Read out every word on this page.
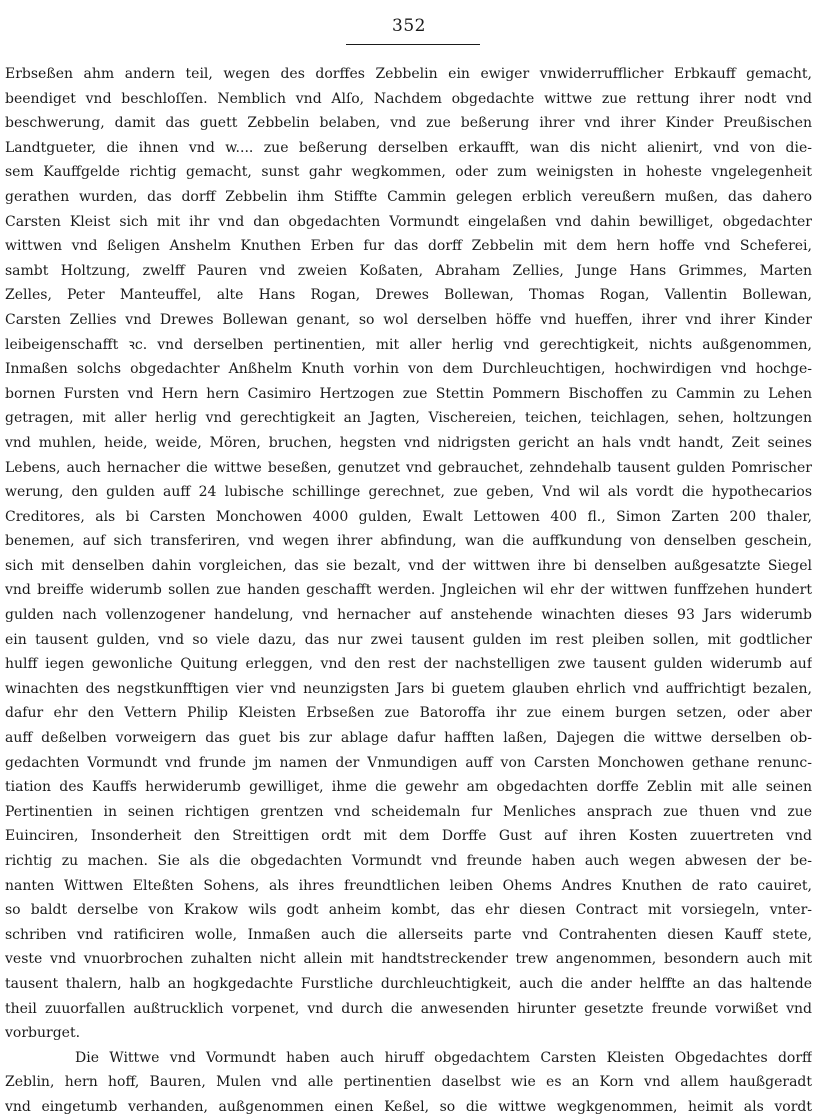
352
Erbseßen ahm andern teil, wegen des dorffes Zebbelin ein ewiger vnwiderrufflicher Erbkauff gemacht,
beendiget vnd beschloſſen. Nemblich vnd Alſo, Nachdem obgedachte wittwe zue rettung ihrer nodt vnd
beschwerung, damit das guett Zebbelin belaben, vnd zue beßerung ihrer vnd ihrer Kinder Preußischen
Landtgueter, die ihnen vnd w.... zue beßerung derselben erkaufft, wan dis nicht alienirt, vnd von die-
sem Kauffgelde richtig gemacht, sunst gahr wegkommen, oder zum weinigsten in hoheste vngelegenheit
gerathen wurden, das dorff Zebbelin ihm Stiffte Cammin gelegen erblich vereußern mußen, das dahero
Carsten Kleist sich mit ihr vnd dan obgedachten Vormundt eingelaßen vnd dahin bewilliget, obgedachter
wittwen vnd ßeligen Anshelm Knuthen Erben fur das dorff Zebbelin mit dem hern hoffe vnd Scheferei,
sambt Holtzung, zwelff Pauren vnd zweien Koßaten, Abraham Zellies, Junge Hans Grimmes, Marten
Zelles, Peter Manteuffel, alte Hans Rogan, Drewes Bollewan, Thomas Rogan, Vallentin Bollewan,
Carsten Zellies vnd Drewes Bollewan genant, so wol derselben höffe vnd hueffen, ihrer vnd ihrer Kinder
leibeigenschafft ꝛc. vnd derselben pertinentien, mit aller herlig vnd gerechtigkeit, nichts außgenommen,
Inmaßen solchs obgedachter Anßhelm Knuth vorhin von dem Durchleuchtigen, hochwirdigen vnd hochge-
bornen Fursten vnd Hern hern Casimiro Hertzogen zue Stettin Pommern Bischoffen zu Cammin zu Lehen
getragen, mit aller herlig vnd gerechtigkeit an Jagten, Vischereien, teichen, teichlagen, sehen, holtzungen
vnd muhlen, heide, weide, Mören, bruchen, hegsten vnd nidrigsten gericht an hals vndt handt, Zeit seines
Lebens, auch hernacher die wittwe beseßen, genutzet vnd gebrauchet, zehndehalb tausent gulden Pomrischer
werung, den gulden auff 24 lubische schillinge gerechnet, zue geben, Vnd wil als vordt die hypothecarios
Creditores, als bi Carsten Monchowen 4000 gulden, Ewalt Lettowen 400 fl., Simon Zarten 200 thaler,
benemen, auf sich transferiren, vnd wegen ihrer abfindung, wan die auffkundung von denselben geschein,
sich mit denselben dahin vorgleichen, das sie bezalt, vnd der wittwen ihre bi denselben außgesatzte Siegel
vnd breiffe widerumb sollen zue handen geschafft werden. Jngleichen wil ehr der wittwen funffzehen hundert
gulden nach vollenzogener handelung, vnd hernacher auf anstehende winachten dieses 93 Jars widerumb
ein tausent gulden, vnd so viele dazu, das nur zwei tausent gulden im rest pleiben sollen, mit godtlicher
hulff iegen gewonliche Quitung erleggen, vnd den rest der nachstelligen zwe tausent gulden widerumb auf
winachten des negstkunfftigen vier vnd neunzigsten Jars bi guetem glauben ehrlich vnd auffrichtigt bezalen,
dafur ehr den Vettern Philip Kleisten Erbseßen zue Batoroffa ihr zue einem burgen setzen, oder aber
auff deßelben vorweigern das guet bis zur ablage dafur hafften laßen, Dajegen die wittwe derselben ob-
gedachten Vormundt vnd frunde jm namen der Vnmundigen auff von Carsten Monchowen gethane renunc-
tiation des Kauffs herwiderumb gewilliget, ihme die gewehr am obgedachten dorffe Zeblin mit alle seinen
Pertinentien in seinen richtigen grentzen vnd scheidemaln fur Menliches ansprach zue thuen vnd zue
Euinciren, Insonderheit den Streittigen ordt mit dem Dorffe Gust auf ihren Kosten zuuertreten vnd
richtig zu machen. Sie als die obgedachten Vormundt vnd freunde haben auch wegen abwesen der be-
nanten Wittwen Elteßten Sohens, als ihres freundtlichen leiben Ohems Andres Knuthen de rato cauiret,
so baldt derselbe von Krakow wils godt anheim kombt, das ehr diesen Contract mit vorsiegeln, vnter-
schriben vnd ratificiren wolle, Inmaßen auch die allerseits parte vnd Contrahenten diesen Kauff stete,
veste vnd vnuorbrochen zuhalten nicht allein mit handtstreckender trew angenommen, besondern auch mit
tausent thalern, halb an hogkgedachte Furstliche durchleuchtigkeit, auch die ander helffte an das haltende
theil zuuorfallen außtrucklich vorpenet, vnd durch die anwesenden hirunter gesetzte freunde vorwißet vnd
vorburget.
Die Wittwe vnd Vormundt haben auch hiruff obgedachtem Carsten Kleisten Obgedachtes dorff
Zeblin, hern hoff, Bauren, Mulen vnd alle pertinentien daselbst wie es an Korn vnd allem haußgeradt
vnd eingetumb verhanden, außgenommen einen Keßel, so die wittwe wegkgenommen, heimit als vordt
